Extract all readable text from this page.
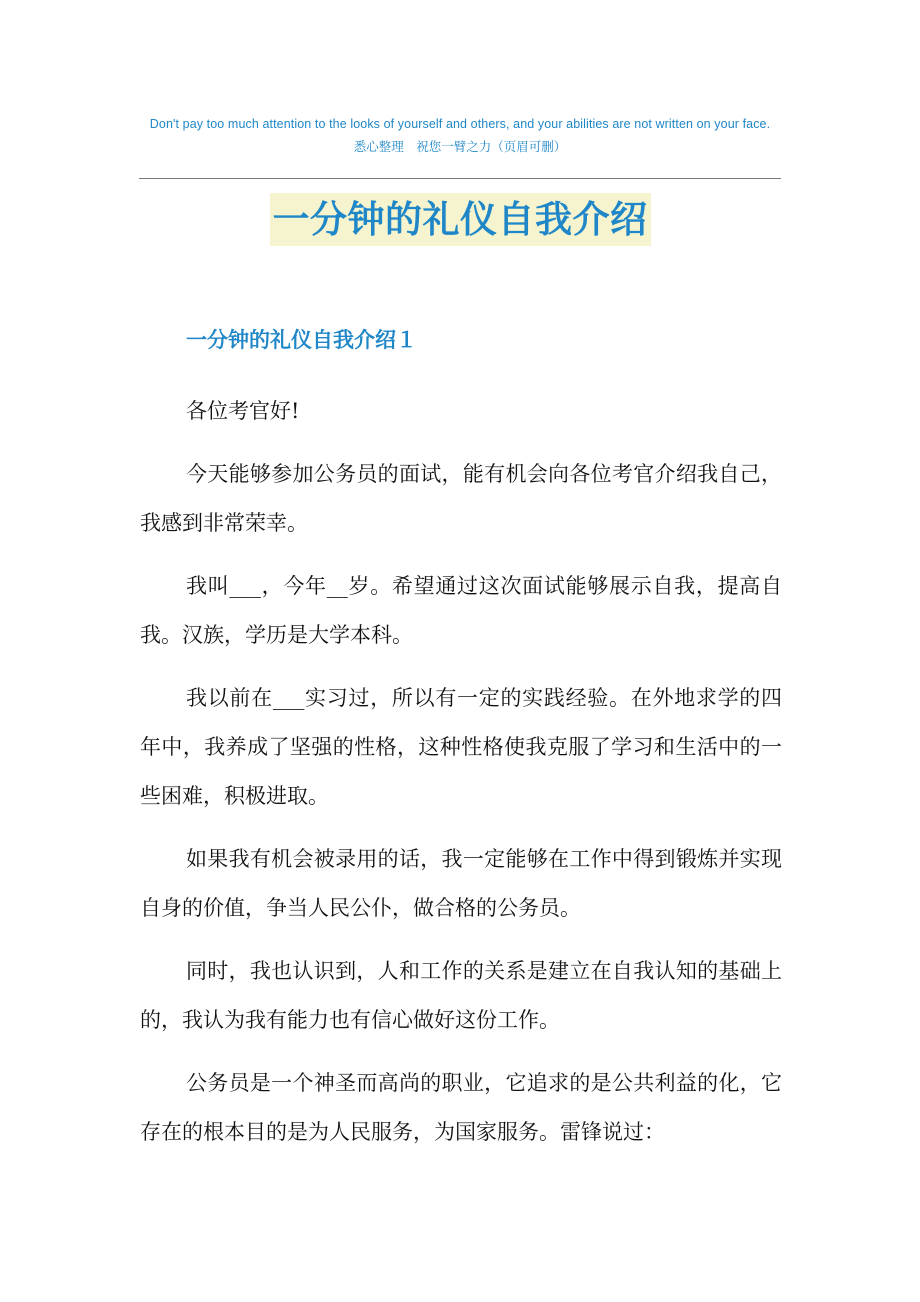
Don't pay too much attention to the looks of yourself and others, and your abilities are not written on your face.
悉心整理　祝您一臂之力（页眉可删）
一分钟的礼仪自我介绍
一分钟的礼仪自我介绍１

各位考官好!

今天能够参加公务员的面试，能有机会向各位考官介绍我自己，我感到非常荣幸。

我叫___，今年__岁。希望通过这次面试能够展示自我，提高自我。汉族，学历是大学本科。

我以前在___实习过，所以有一定的实践经验。在外地求学的四年中，我养成了坚强的性格，这种性格使我克服了学习和生活中的一些困难，积极进取。

如果我有机会被录用的话，我一定能够在工作中得到锻炼并实现自身的价值，争当人民公仆，做合格的公务员。

同时，我也认识到，人和工作的关系是建立在自我认知的基础上的，我认为我有能力也有信心做好这份工作。

公务员是一个神圣而高尚的职业，它追求的是公共利益的化，它存在的根本目的是为人民服务，为国家服务。雷锋说过：
